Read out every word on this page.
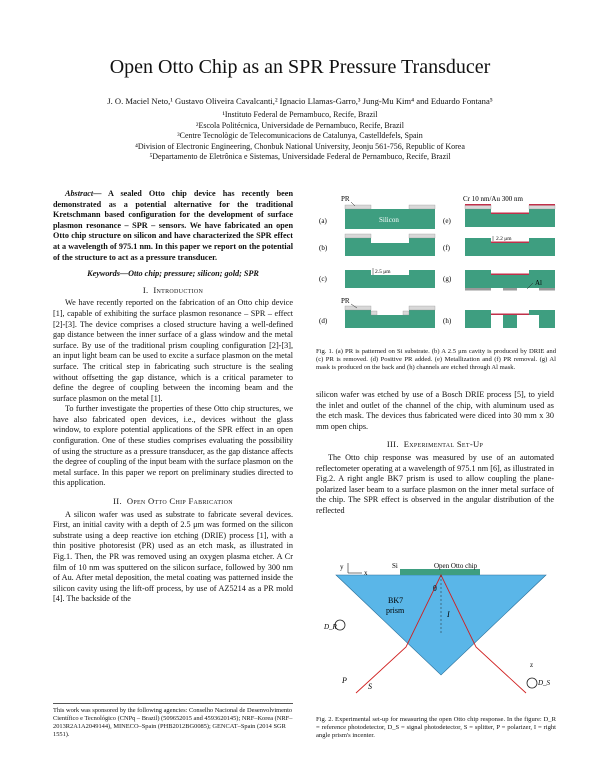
Open Otto Chip as an SPR Pressure Transducer
J. O. Maciel Neto,¹ Gustavo Oliveira Cavalcanti,² Ignacio Llamas-Garro,³ Jung-Mu Kim⁴ and Eduardo Fontana⁵
¹Instituto Federal de Pernambuco, Recife, Brazil
²Escola Politécnica, Universidade de Pernambuco, Recife, Brazil
³Centre Tecnològic de Telecomunicacions de Catalunya, Castelldefels, Spain
⁴Division of Electronic Engineering, Chonbuk National University, Jeonju 561-756, Republic of Korea
⁵Departamento de Eletrônica e Sistemas, Universidade Federal de Pernambuco, Recife, Brazil

Abstract— A sealed Otto chip device has recently been demonstrated as a potential alternative for the traditional Kretschmann based configuration for the development of surface plasmon resonance – SPR – sensors. We have fabricated an open Otto chip structure on silicon and have characterized the SPR effect at a wavelength of 975.1 nm. In this paper we report on the potential of the structure to act as a pressure transducer.

Keywords—Otto chip; pressure; silicon; gold; SPR

I. Introduction

We have recently reported on the fabrication of an Otto chip device [1], capable of exhibiting the surface plasmon resonance – SPR – effect [2]-[3]. The device comprises a closed structure having a well-defined gap distance between the inner surface of a glass window and the metal surface. By use of the traditional prism coupling configuration [2]-[3], an input light beam can be used to excite a surface plasmon on the metal surface. The critical step in fabricating such structure is the sealing without offsetting the gap distance, which is a critical parameter to define the degree of coupling between the incoming beam and the surface plasmon on the metal [1].

To further investigate the properties of these Otto chip structures, we have also fabricated open devices, i.e., devices without the glass window, to explore potential applications of the SPR effect in an open configuration. One of these studies comprises evaluating the possibility of using the structure as a pressure transducer, as the gap distance affects the degree of coupling of the input beam with the surface plasmon on the metal surface. In this paper we report on preliminary studies directed to this application.

II. Open Otto Chip Fabrication

A silicon wafer was used as substrate to fabricate several devices. First, an initial cavity with a depth of 2.5 μm was formed on the silicon substrate using a deep reactive ion etching (DRIE) process [1], with a thin positive photoresist (PR) used as an etch mask, as illustrated in Fig.1. Then, the PR was removed using an oxygen plasma etcher. A Cr film of 10 nm was sputtered on the silicon surface, followed by 300 nm of Au. After metal deposition, the metal coating was patterned inside the silicon cavity using the lift-off process, by use of AZ5214 as a PR mold [4]. The backside of the

This work was sponsored by the following agencies: Conselho Nacional de Desenvolvimento Científico e Tecnológico (CNPq – Brazil) (50965​20​15 and 45​93​62​014​5); NRF–Korea (NRF–2013R2A1A2049144), MINECO–Spain (PHB2012​BG​0085); GENCAT–Spain (2014 SGR 1551).
(a)	Silicon
PR
(b)
(c)
2.5 μm
(d)
PR
(e)
Cr 10 nm/Au 300 nm
(f)
2.2 μm
(g)	Al
(h)
Fig. 1. (a) PR is patterned on Si substrate. (b) A 2.5 μm cavity is produced by DRIE and (c) PR is removed. (d) Positive PR added. (e) Metallization and (f) PR removal. (g) Al mask is produced on the back and (h) channels are etched through Al mask.

silicon wafer was etched by use of a Bosch DRIE process [5], to yield the inlet and outlet of the channel of the chip, with aluminum used as the etch mask. The devices thus fabricated were diced into 30 mm x 30 mm open chips.

III. Experimental Set-Up

The Otto chip response was measured by use of an automated reflectometer operating at a wavelength of 975.1 nm [6], as illustrated in Fig.2. A right angle BK7 prism is used to allow coupling the plane-polarized laser beam to a surface plasmon on the inner metal surface of the chip. The SPR effect is observed in the angular distribution of the reflected

Si	Open Otto chip
BK7
prism
θ
I
D_R
D_S
P
S
x
y
z
Fig. 2. Experimental set-up for measuring the open Otto chip response. In the figure: D_R = reference photodetector, D_S = signal photodetector, S = splitter, P = polarizer, I = right angle prism's incenter.
